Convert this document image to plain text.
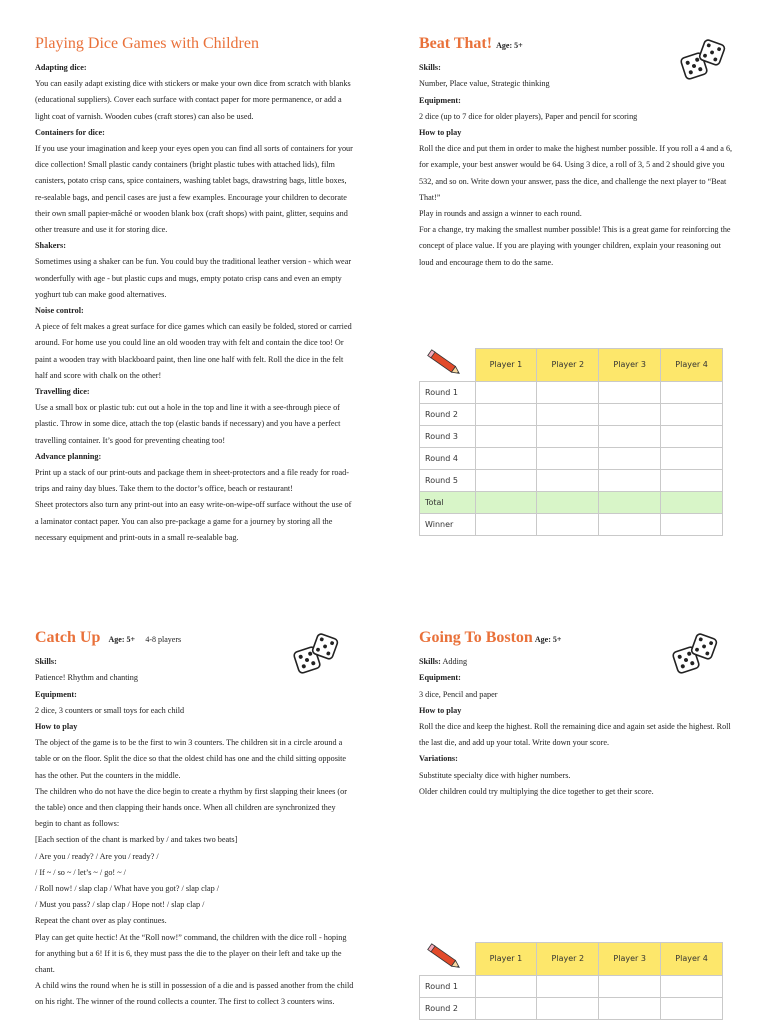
Playing Dice Games with Children

Adapting dice:

You can easily adapt existing dice with stickers or make your own dice from scratch with blanks (educational suppliers). Cover each surface with contact paper for more permanence, or add a light coat of varnish. Wooden cubes (craft stores) can also be used.

Containers for dice:

If you use your imagination and keep your eyes open you can find all sorts of containers for your dice collection! Small plastic candy containers (bright plastic tubes with attached lids), film canisters, potato crisp cans, spice containers, washing tablet bags, drawstring bags, little boxes, re-sealable bags, and pencil cases are just a few examples. Encourage your children to decorate their own small papier-mâché or wooden blank box (craft shops) with paint, glitter, sequins and other treasure and use it for storing dice.

Shakers:

Sometimes using a shaker can be fun. You could buy the traditional leather version - which wear wonderfully with age - but plastic cups and mugs, empty potato crisp cans and even an empty yoghurt tub can make good alternatives.

Noise control:

A piece of felt makes a great surface for dice games which can easily be folded, stored or carried around. For home use you could line an old wooden tray with felt and contain the dice too! Or paint a wooden tray with blackboard paint, then line one half with felt. Roll the dice in the felt half and score with chalk on the other!

Travelling dice:

Use a small box or plastic tub: cut out a hole in the top and line it with a see-through piece of plastic. Throw in some dice, attach the top (elastic bands if necessary) and you have a perfect travelling container. It’s good for preventing cheating too!

Advance planning:

Print up a stack of our print-outs and package them in sheet-protectors and a file ready for road-trips and rainy day blues. Take them to the doctor’s office, beach or restaurant!

Sheet protectors also turn any print-out into an easy write-on-wipe-off surface without the use of a laminator contact paper. You can also pre-package a game for a journey by storing all the necessary equipment and print-outs in a small re-sealable bag.

Beat That! Age: 5+

Skills:

Number, Place value, Strategic thinking

Equipment:

2 dice (up to 7 dice for older players), Paper and pencil for scoring

How to play

Roll the dice and put them in order to make the highest number possible. If you roll a 4 and a 6, for example, your best answer would be 64. Using 3 dice, a roll of 3, 5 and 2 should give you 532, and so on. Write down your answer, pass the dice, and challenge the next player to “Beat That!”

Play in rounds and assign a winner to each round.

For a change, try making the smallest number possible! This is a great game for reinforcing the concept of place value. If you are playing with younger children, explain your reasoning out loud and encourage them to do the same.

	Player 1	Player 2	Player 3	Player 4
Round 1				
Round 2				
Round 3				
Round 4				
Round 5				
Total				
Winner				

Catch Up Age: 5+ 4-8 players

Skills:

Patience! Rhythm and chanting

Equipment:

2 dice, 3 counters or small toys for each child

How to play

The object of the game is to be the first to win 3 counters. The children sit in a circle around a table or on the floor. Split the dice so that the oldest child has one and the child sitting opposite has the other. Put the counters in the middle.

The children who do not have the dice begin to create a rhythm by first slapping their knees (or the table) once and then clapping their hands once. When all children are synchronized they begin to chant as follows:

[Each section of the chant is marked by / and takes two beats]

/ Are you / ready? / Are you / ready? /

/ If ~ / so ~ / let’s ~ / go! ~ /

/ Roll now! / slap clap / What have you got? / slap clap /

/ Must you pass? / slap clap / Hope not! / slap clap /

Repeat the chant over as play continues.

Play can get quite hectic! At the “Roll now!” command, the children with the dice roll - hoping for anything but a 6! If it is 6, they must pass the die to the player on their left and take up the chant.

A child wins the round when he is still in possession of a die and is passed another from the child on his right. The winner of the round collects a counter. The first to collect 3 counters wins.

Going To Boston Age: 5+

Skills: Adding

Equipment:

3 dice, Pencil and paper

How to play

Roll the dice and keep the highest. Roll the remaining dice and again set aside the highest. Roll the last die, and add up your total. Write down your score.

Variations:

Substitute specialty dice with higher numbers.

Older children could try multiplying the dice together to get their score.

	Player 1	Player 2	Player 3	Player 4
Round 1				
Round 2				
